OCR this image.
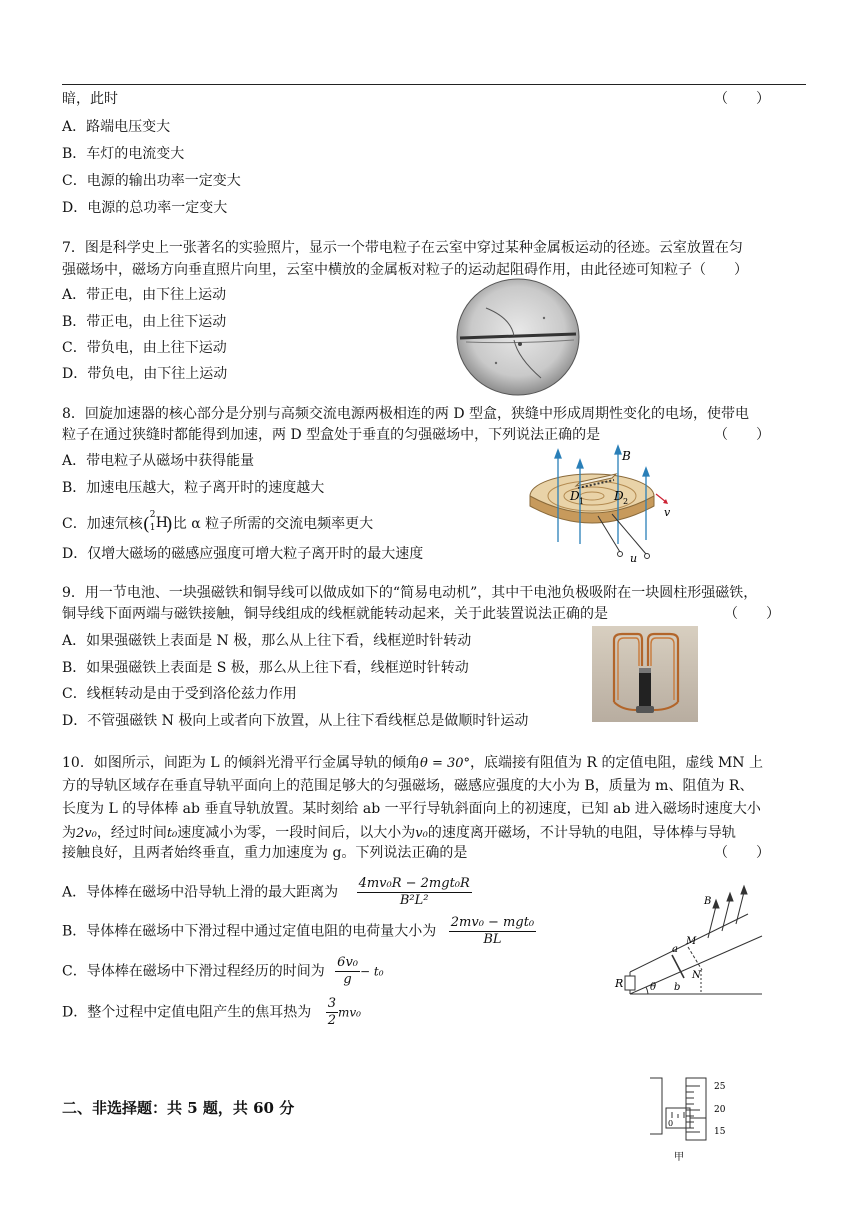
暗，此时	（　　）
A．路端电压变大
B．车灯的电流变大
C．电源的输出功率一定变大
D．电源的总功率一定变大
7．图是科学史上一张著名的实验照片，显示一个带电粒子在云室中穿过某种金属板运动的径迹。云室放置在匀
强磁场中，磁场方向垂直照片向里，云室中横放的金属板对粒子的运动起阻碍作用，由此径迹可知粒子（　　）
A．带正电，由下往上运动
B．带正电，由上往下运动
C．带负电，由上往下运动
D．带负电，由下往上运动
8．回旋加速器的核心部分是分别与高频交流电源两极相连的两 D 型盒，狭缝中形成周期性变化的电场，使带电
粒子在通过狭缝时都能得到加速，两 D 型盒处于垂直的匀强磁场中，下列说法正确的是	（　　）
A．带电粒子从磁场中获得能量
B．加速电压越大，粒子离开时的速度越大
C．加速氘核( 2
1 H
)比 α 粒子所需的交流电频率更大
D．仅增大磁场的磁感应强度可增大粒子离开时的最大速度
B
D 1 D 2
v
u
9．用一节电池、一块强磁铁和铜导线可以做成如下的“简易电动机”，其中干电池负极吸附在一块圆柱形强磁铁，
铜导线下面两端与磁铁接触，铜导线组成的线框就能转动起来，关于此装置说法正确的是	（　　）
A．如果强磁铁上表面是 N 极，那么从上往下看，线框逆时针转动
B．如果强磁铁上表面是 S 极，那么从上往下看，线框逆时针转动
C．线框转动是由于受到洛伦兹力作用
D．不管强磁铁 N 极向上或者向下放置，从上往下看线框总是做顺时针运动
10．如图所示，间距为 L 的倾斜光滑平行金属导轨的倾角θ = 30°，底端接有阻值为 R 的定值电阻，虚线 MN 上
方的导轨区域存在垂直导轨平面向上的范围足够大的匀强磁场，磁感应强度的大小为 B，质量为 m、阻值为 R、
长度为 L 的导体棒 ab 垂直导轨放置。某时刻给 ab 一平行导轨斜面向上的初速度，已知 ab 进入磁场时速度大小
为2v₀，经过时间t₀速度减小为零，一段时间后，以大小为v₀的速度离开磁场，不计导轨的电阻，导体棒与导轨
接触良好，且两者始终垂直，重力加速度为 g。下列说法正确的是	（　　）
A．导体棒在磁场中沿导轨上滑的最大距离为 $\frac{\text{4mv₀R − 2mgt₀R}}{\text{B²L²}}$
B．导体棒在磁场中下滑过程中通过定值电阻的电荷量大小为 $\frac{\text{2mv₀ − mgt₀}}{BL}$
C．导体棒在磁场中下滑过程经历的时间为 $\frac{\text{6v₀}}{g} - t_0$
D．整个过程中定值电阻产生的焦耳热为 $\frac{3}{2} mv_0$
R	θ
a
b
M
N
B
二、非选择题：共 5 题，共 60 分
25
20
15
0
甲
